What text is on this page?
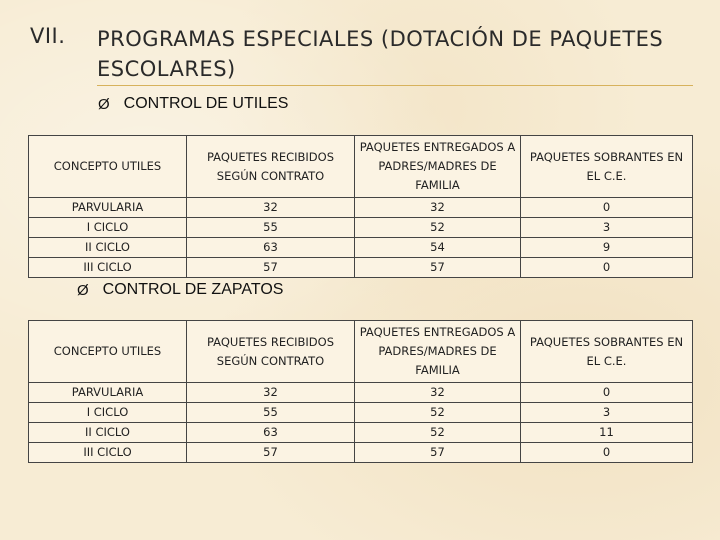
VII. PROGRAMAS ESPECIALES (DOTACIÓN DE PAQUETES ESCOLARES)
Ø CONTROL DE UTILES
CONCEPTO UTILES	PAQUETES RECIBIDOS SEGÚN CONTRATO	PAQUETES ENTREGADOS A PADRES/MADRES DE FAMILIA	PAQUETES SOBRANTES EN EL C.E.
PARVULARIA	32	32	0
I CICLO	55	52	3
II CICLO	63	54	9
III CICLO	57	57	0
Ø CONTROL DE ZAPATOS
CONCEPTO UTILES	PAQUETES RECIBIDOS SEGÚN CONTRATO	PAQUETES ENTREGADOS A PADRES/MADRES DE FAMILIA	PAQUETES SOBRANTES EN EL C.E.
PARVULARIA	32	32	0
I CICLO	55	52	3
II CICLO	63	52	11
III CICLO	57	57	0
